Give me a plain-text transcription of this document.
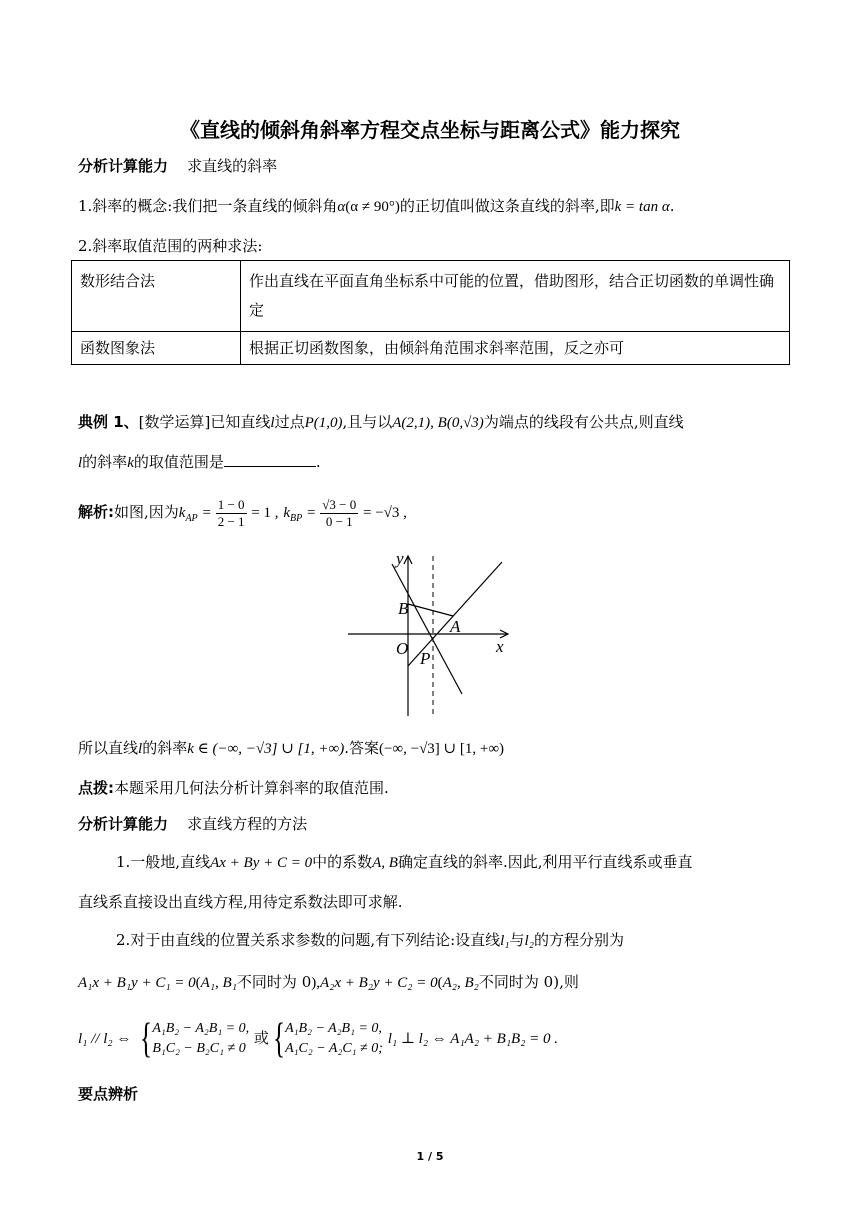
《直线的倾斜角斜率方程交点坐标与距离公式》能力探究
分析计算能力 求直线的斜率
1.斜率的概念:我们把一条直线的倾斜角α(α ≠ 90°)的正切值叫做这条直线的斜率,即k = tan α.
2.斜率取值范围的两种求法:
数形结合法	作出直线在平面直角坐标系中可能的位置，借助图形，结合正切函数的单调性确定
函数图象法	根据正切函数图象，由倾斜角范围求斜率范围，反之亦可
典例 1、[数学运算]已知直线l过点P(1,0),且与以A(2,1), B(0,√3)为端点的线段有公共点,则直线
l的斜率k的取值范围是	.
解析:如图,因为$k_{AP} = \frac{1 - 0}{2 - 1} = 1$ , $k_{BP} = \frac{√3 - 0}{0 - 1} = -√3$ ,
y
x
O
A
B
P
所以直线l的斜率k ∈ (−∞, −√3] ∪ [1, +∞).答案(−∞, −√3] ∪ [1, +∞)
点拨:本题采用几何法分析计算斜率的取值范围.
分析计算能力 求直线方程的方法
1.一般地,直线Ax + By + C = 0中的系数A, B确定直线的斜率.因此,利用平行直线系或垂直
直线系直接设出直线方程,用待定系数法即可求解.
2.对于由直线的位置关系求参数的问题,有下列结论:设直线l₁与l₂的方程分别为
A₁x + B₁y + C₁ = 0(A₁, B₁不同时为 0),A₂x + B₂y + C₂ = 0(A₂, B₂不同时为 0),则
l₁ // l₂ ⇔ { A₁B₂ − A₂B₁ = 0,
B₁C₂ − B₂C₁ ≠ 0
或{ A₁B₂ − A₂B₁ = 0,
A₁C₂ − A₂C₁ ≠ 0;
l₁ ⊥ l₂ ⇔ A₁A₂ + B₁B₂ = 0 .
要点辨析
1 / 5
